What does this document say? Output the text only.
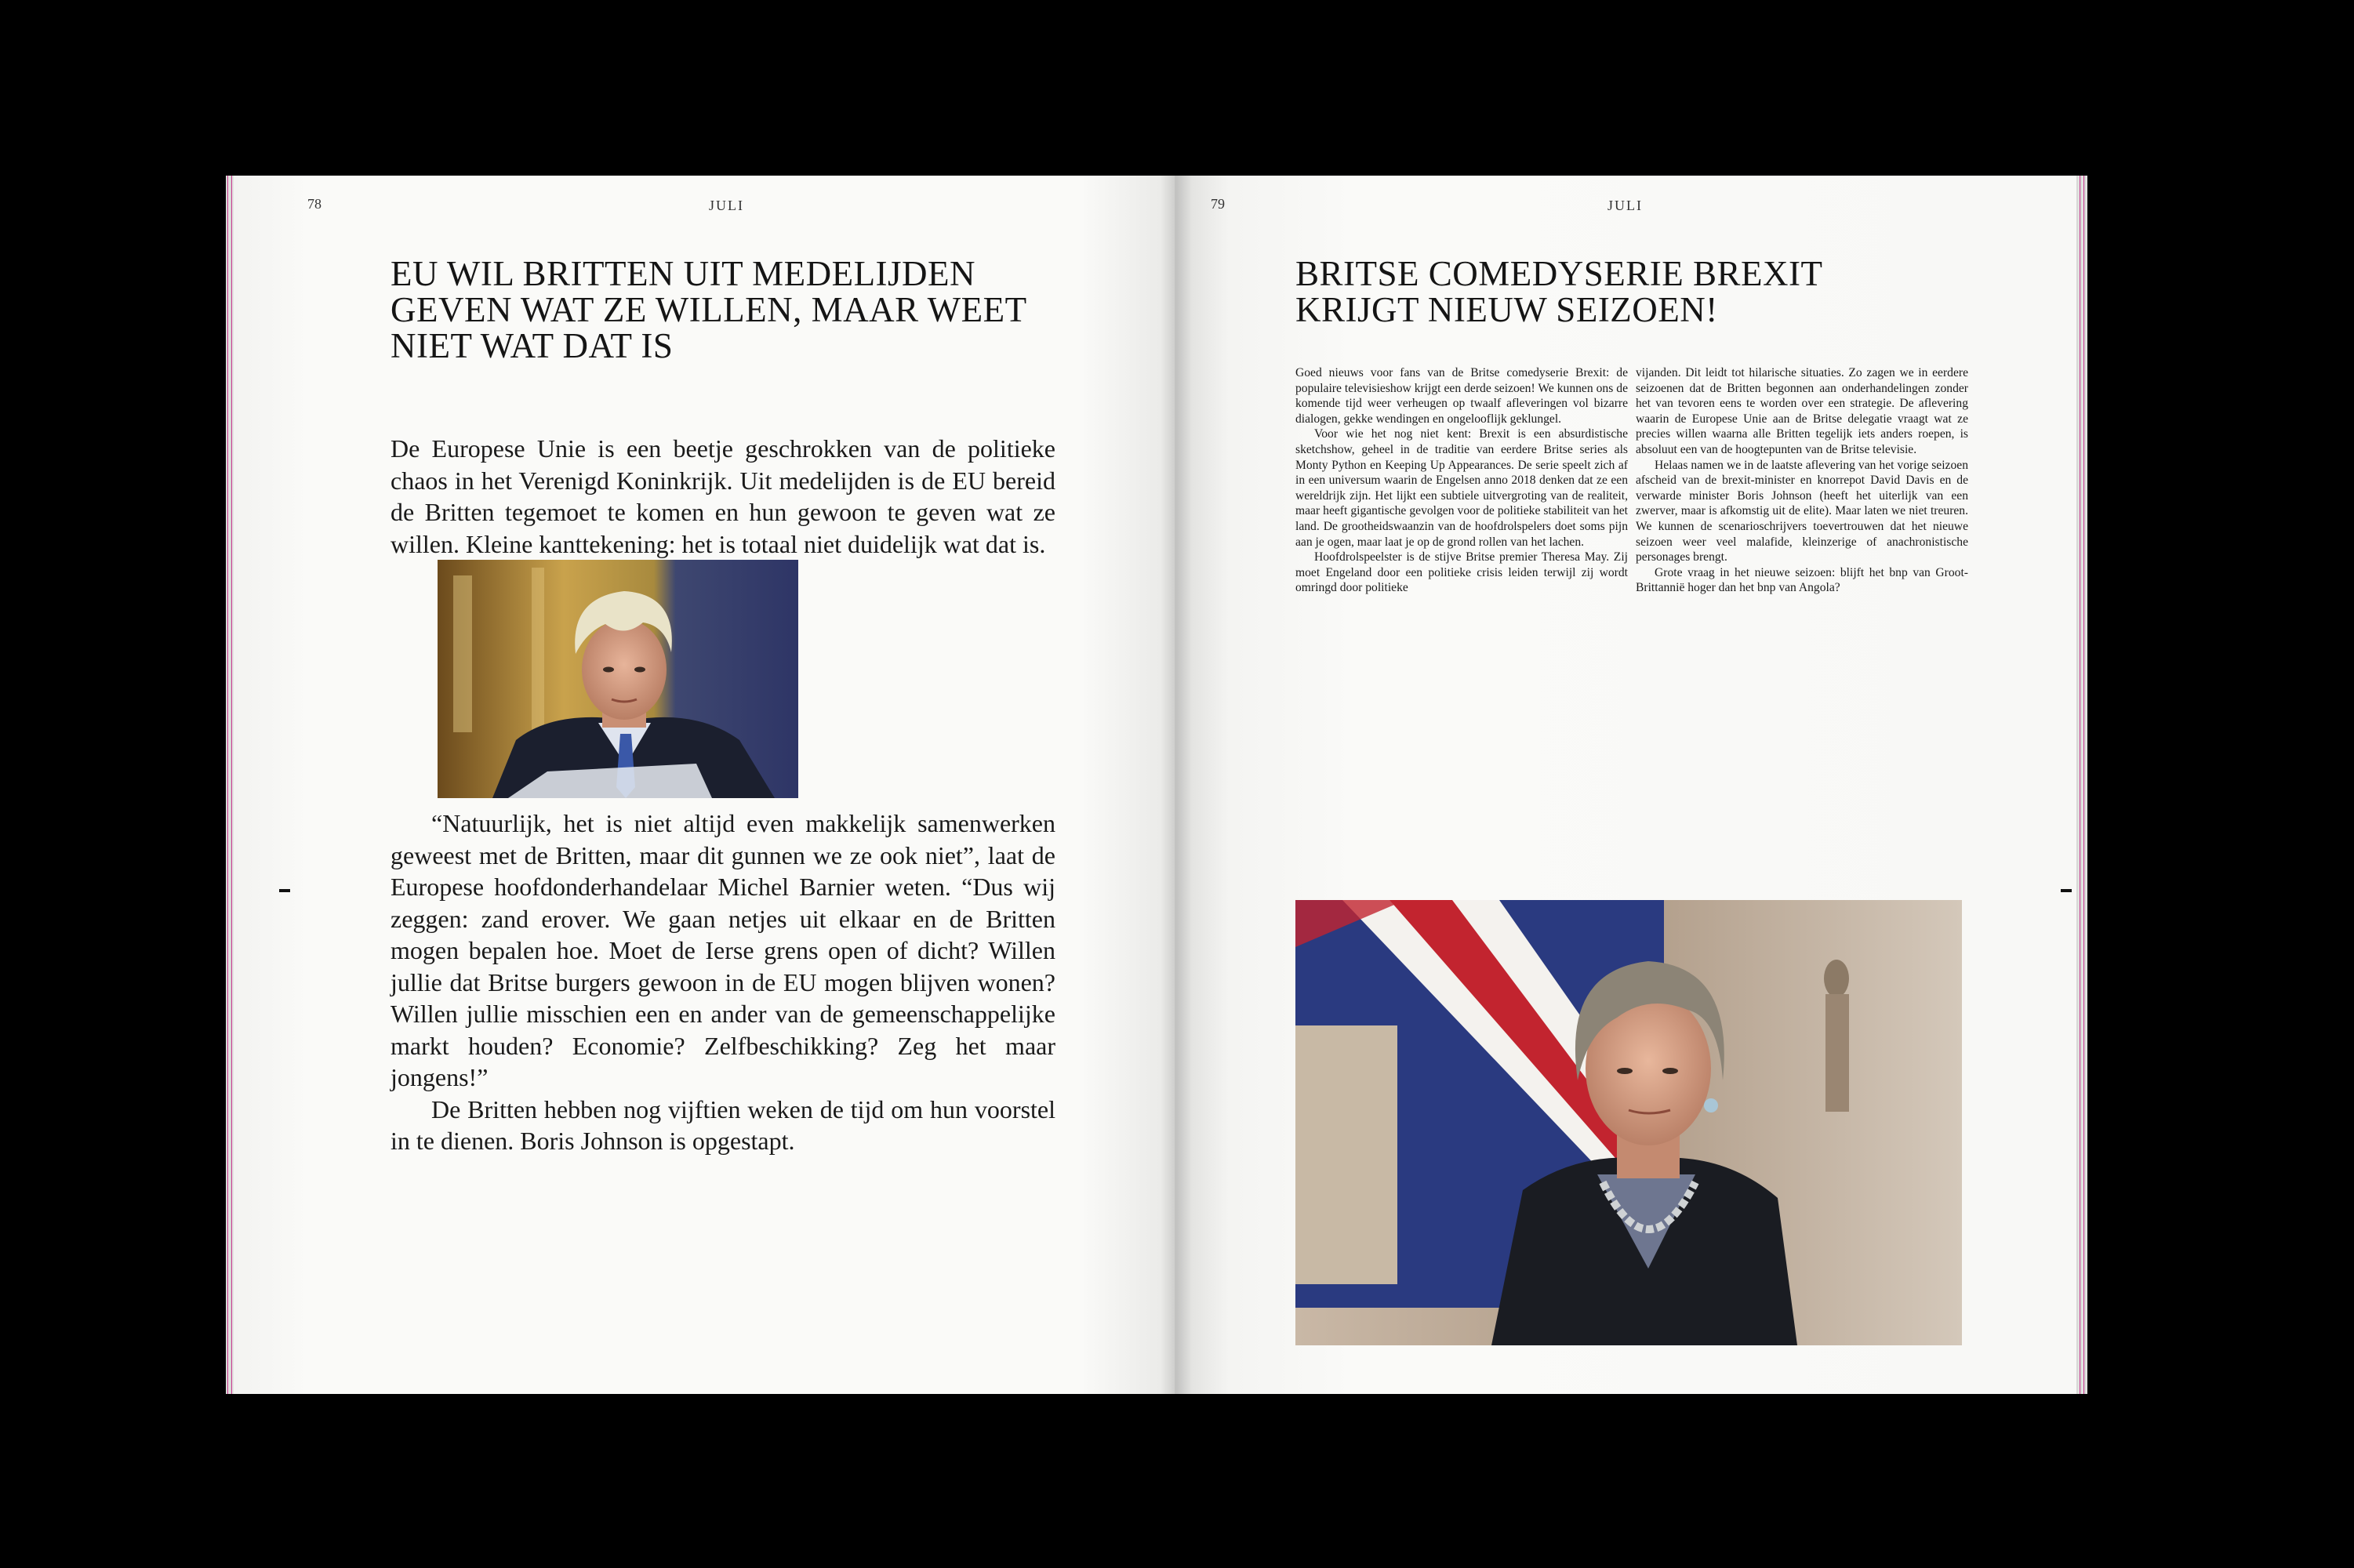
78	JULI
EU WIL BRITTEN UIT MEDELIJDEN GEVEN WAT ZE WILLEN, MAAR WEET NIET WAT DAT IS
De Europese Unie is een beetje geschrokken van de politieke chaos in het Verenigd Koninkrijk. Uit medelijden is de EU bereid de Britten tegemoet te komen en hun gewoon te geven wat ze willen. Kleine kanttekening: het is totaal niet duidelijk wat dat is.

“Natuurlijk, het is niet altijd even makkelijk samenwerken geweest met de Britten, maar dit gunnen we ze ook niet”, laat de Europese hoofdonderhandelaar Michel Barnier weten. “Dus wij zeggen: zand erover. We gaan netjes uit elkaar en de Britten mogen bepalen hoe. Moet de Ierse grens open of dicht? Willen jullie dat Britse burgers gewoon in de EU mogen blijven wonen? Willen jullie misschien een en ander van de gemeenschappelijke markt houden? Economie? Zelfbeschikking? Zeg het maar jongens!”

De Britten hebben nog vijftien weken de tijd om hun voorstel in te dienen. Boris Johnson is opgestapt.

79	JULI
BRITSE COMEDYSERIE BREXIT KRIJGT NIEUW SEIZOEN!

Goed nieuws voor fans van de Britse comedyserie Brexit: de populaire televisieshow krijgt een derde seizoen! We kunnen ons de komende tijd weer verheugen op twaalf afleveringen vol bizarre dialogen, gekke wendingen en ongelooflijk geklungel.

Voor wie het nog niet kent: Brexit is een absurdistische sketchshow, geheel in de traditie van eerdere Britse series als Monty Python en Keeping Up Appearances. De serie speelt zich af in een universum waarin de Engelsen anno 2018 denken dat ze een wereldrijk zijn. Het lijkt een subtiele uitvergroting van de realiteit, maar heeft gigantische gevolgen voor de politieke stabiliteit van het land. De grootheidswaanzin van de hoofdrolspelers doet soms pijn aan je ogen, maar laat je op de grond rollen van het lachen.

Hoofdrolspeelster is de stijve Britse premier Theresa May. Zij moet Engeland door een politieke crisis leiden terwijl zij wordt omringd door politieke

vijanden. Dit leidt tot hilarische situaties. Zo zagen we in eerdere seizoenen dat de Britten begonnen aan onderhandelingen zonder het van tevoren eens te worden over een strategie. De aflevering waarin de Europese Unie aan de Britse delegatie vraagt wat ze precies willen waarna alle Britten tegelijk iets anders roepen, is absoluut een van de hoogtepunten van de Britse televisie.

Helaas namen we in de laatste aflevering van het vorige seizoen afscheid van de brexit-minister en knorrepot David Davis en de verwarde minister Boris Johnson (heeft het uiterlijk van een zwerver, maar is afkomstig uit de elite). Maar laten we niet treuren. We kunnen de scenarioschrijvers toevertrouwen dat het nieuwe seizoen weer veel malafide, kleinzerige of anachronistische personages brengt.

Grote vraag in het nieuwe seizoen: blijft het bnp van Groot-Brittannië hoger dan het bnp van Angola?
